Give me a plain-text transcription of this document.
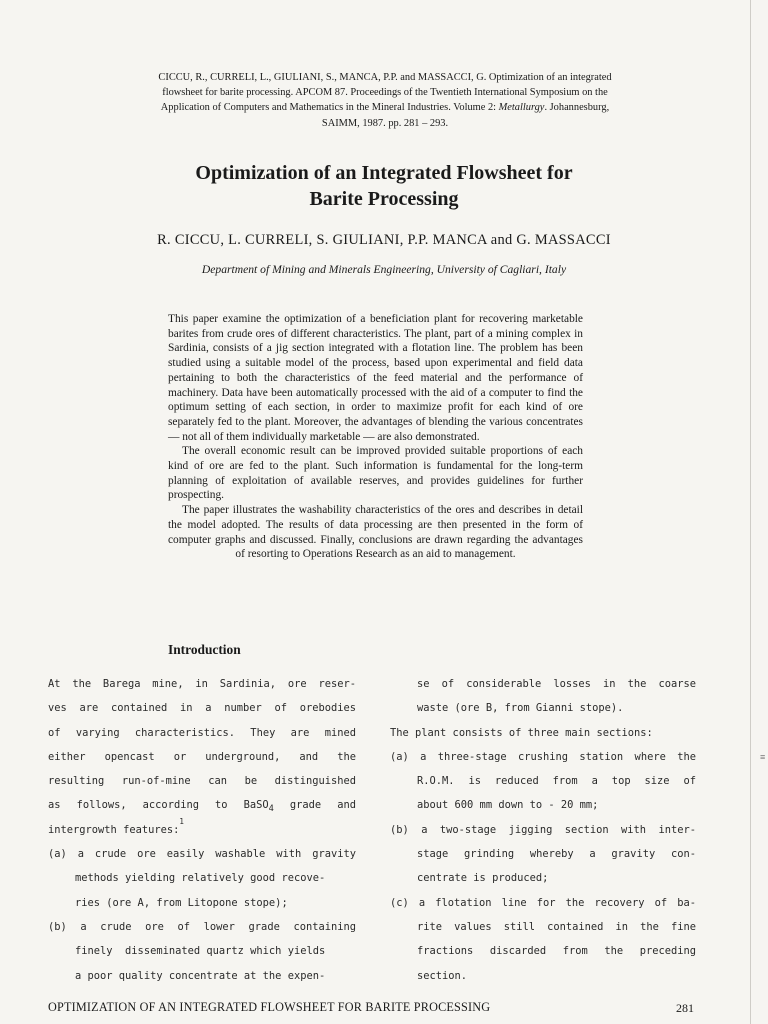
≡
CICCU, R., CURRELI, L., GIULIANI, S., MANCA, P.P. and MASSACCI, G. Optimization of an integrated
flowsheet for barite processing. APCOM 87. Proceedings of the Twentieth International Symposium on the
Application of Computers and Mathematics in the Mineral Industries. Volume 2: Metallurgy. Johannesburg,
SAIMM, 1987. pp. 281 – 293.
Optimization of an Integrated Flowsheet for
Barite Processing
R. CICCU, L. CURRELI, S. GIULIANI, P.P. MANCA and G. MASSACCI
Department of Mining and Minerals Engineering, University of Cagliari, Italy

This paper examine the optimization of a beneficiation plant for recovering marketable barites from crude ores of different characteristics. The plant, part of a mining complex in Sardinia, consists of a jig section integrated with a flotation line. The problem has been studied using a suitable model of the process, based upon experimental and field data pertaining to both the characteristics of the feed material and the performance of machinery. Data have been automatically processed with the aid of a computer to find the optimum setting of each section, in order to maximize profit for each kind of ore separately fed to the plant. Moreover, the advantages of blending the various concentrates — not all of them individually marketable — are also demonstrated.

The overall economic result can be improved provided suitable proportions of each kind of ore are fed to the plant. Such information is fundamental for the long-term planning of exploitation of available reserves, and provides guidelines for further prospecting.

The paper illustrates the washability characteristics of the ores and describes in detail the model adopted. The results of data processing are then presented in the form of computer graphs and discussed. Finally, conclusions are drawn regarding the advantages of resorting to Operations Research as an aid to management.

Introduction
At the Barega mine, in Sardinia, ore reser-
ves are contained in a number of orebodies
of varying characteristics. They are mined
either opencast or underground, and the
resulting run-of-mine can be distinguished
as follows, according to BaSO$_4$ grade and
intergrowth features:$^1$
(a) a crude ore easily washable with gravity
methods yielding relatively good recove-
ries (ore A, from Litopone stope);
(b) a crude ore of lower grade containing
finely  disseminated quartz which yields
a poor quality concentrate at the expen-
se of considerable losses in the coarse
waste (ore B, from Gianni stope).
The plant consists of three main sections:
(a) a three-stage crushing station where the
R.O.M. is reduced from a top size of
about 600 mm down to - 20 mm;
(b) a two-stage jigging section with inter-
stage grinding whereby a gravity con-
centrate is produced;
(c) a flotation line for the recovery of ba-
rite values still contained in the fine
fractions discarded from the preceding
section.
OPTIMIZATION OF AN INTEGRATED FLOWSHEET FOR BARITE PROCESSING	281
